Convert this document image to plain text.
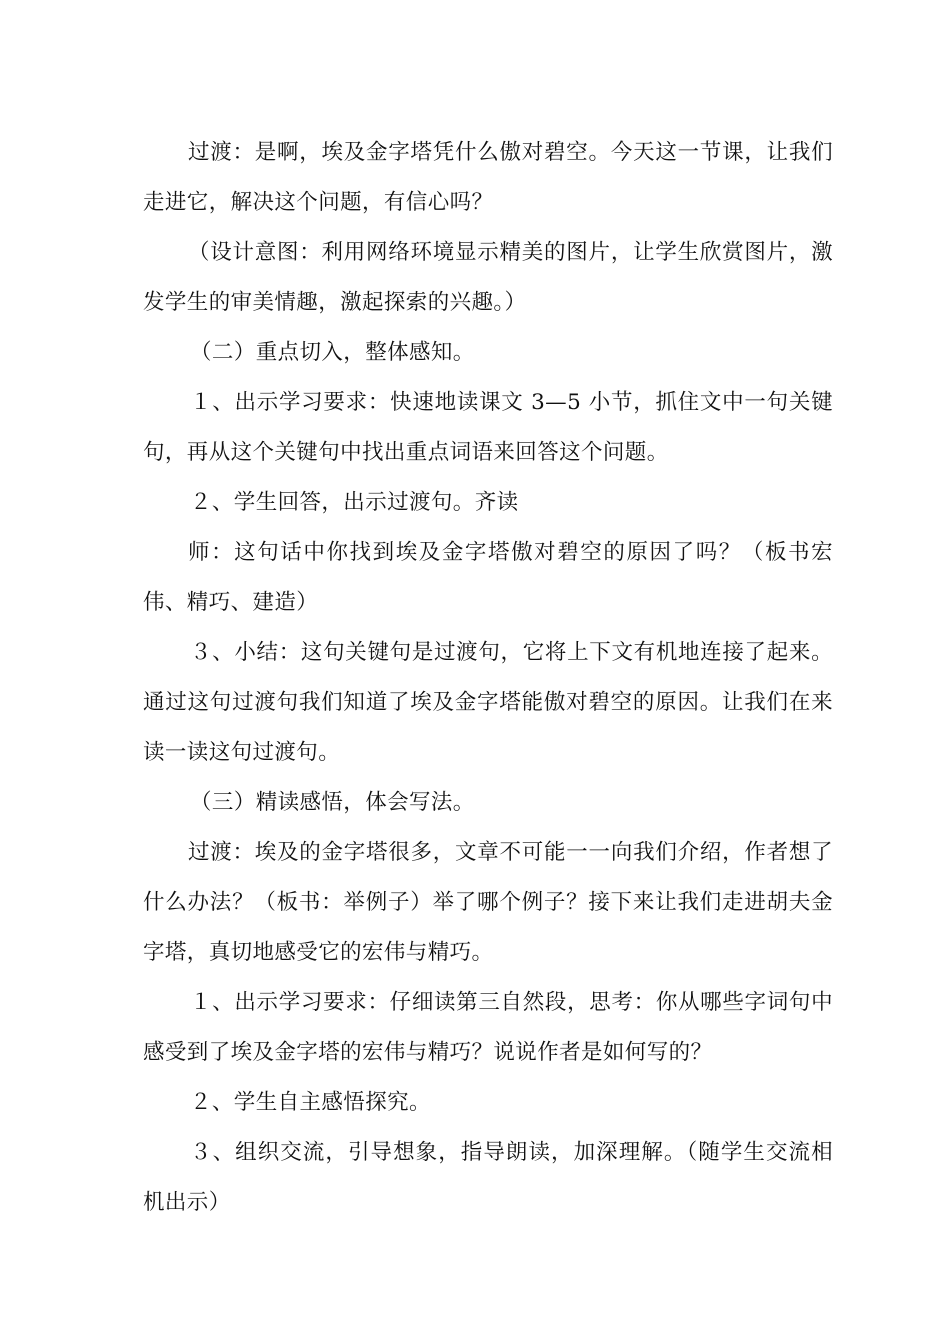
过渡：是啊，埃及金字塔凭什么傲对碧空。今天这一节课，让我们走进它，解决这个问题，有信心吗？

（设计意图：利用网络环境显示精美的图片，让学生欣赏图片，激发学生的审美情趣，激起探索的兴趣。）

（二）重点切入，整体感知。

１、出示学习要求：快速地读课文 3—5 小节，抓住文中一句关键句，再从这个关键句中找出重点词语来回答这个问题。

２、学生回答，出示过渡句。齐读

师：这句话中你找到埃及金字塔傲对碧空的原因了吗？（板书宏伟、精巧、建造）

３、小结：这句关键句是过渡句，它将上下文有机地连接了起来。通过这句过渡句我们知道了埃及金字塔能傲对碧空的原因。让我们在来读一读这句过渡句。

（三）精读感悟，体会写法。

过渡：埃及的金字塔很多，文章不可能一一向我们介绍，作者想了什么办法？（板书：举例子）举了哪个例子？接下来让我们走进胡夫金字塔，真切地感受它的宏伟与精巧。

１、出示学习要求：仔细读第三自然段，思考：你从哪些字词句中感受到了埃及金字塔的宏伟与精巧？说说作者是如何写的？

２、学生自主感悟探究。

３、组织交流，引导想象，指导朗读，加深理解。（随学生交流相机出示）
